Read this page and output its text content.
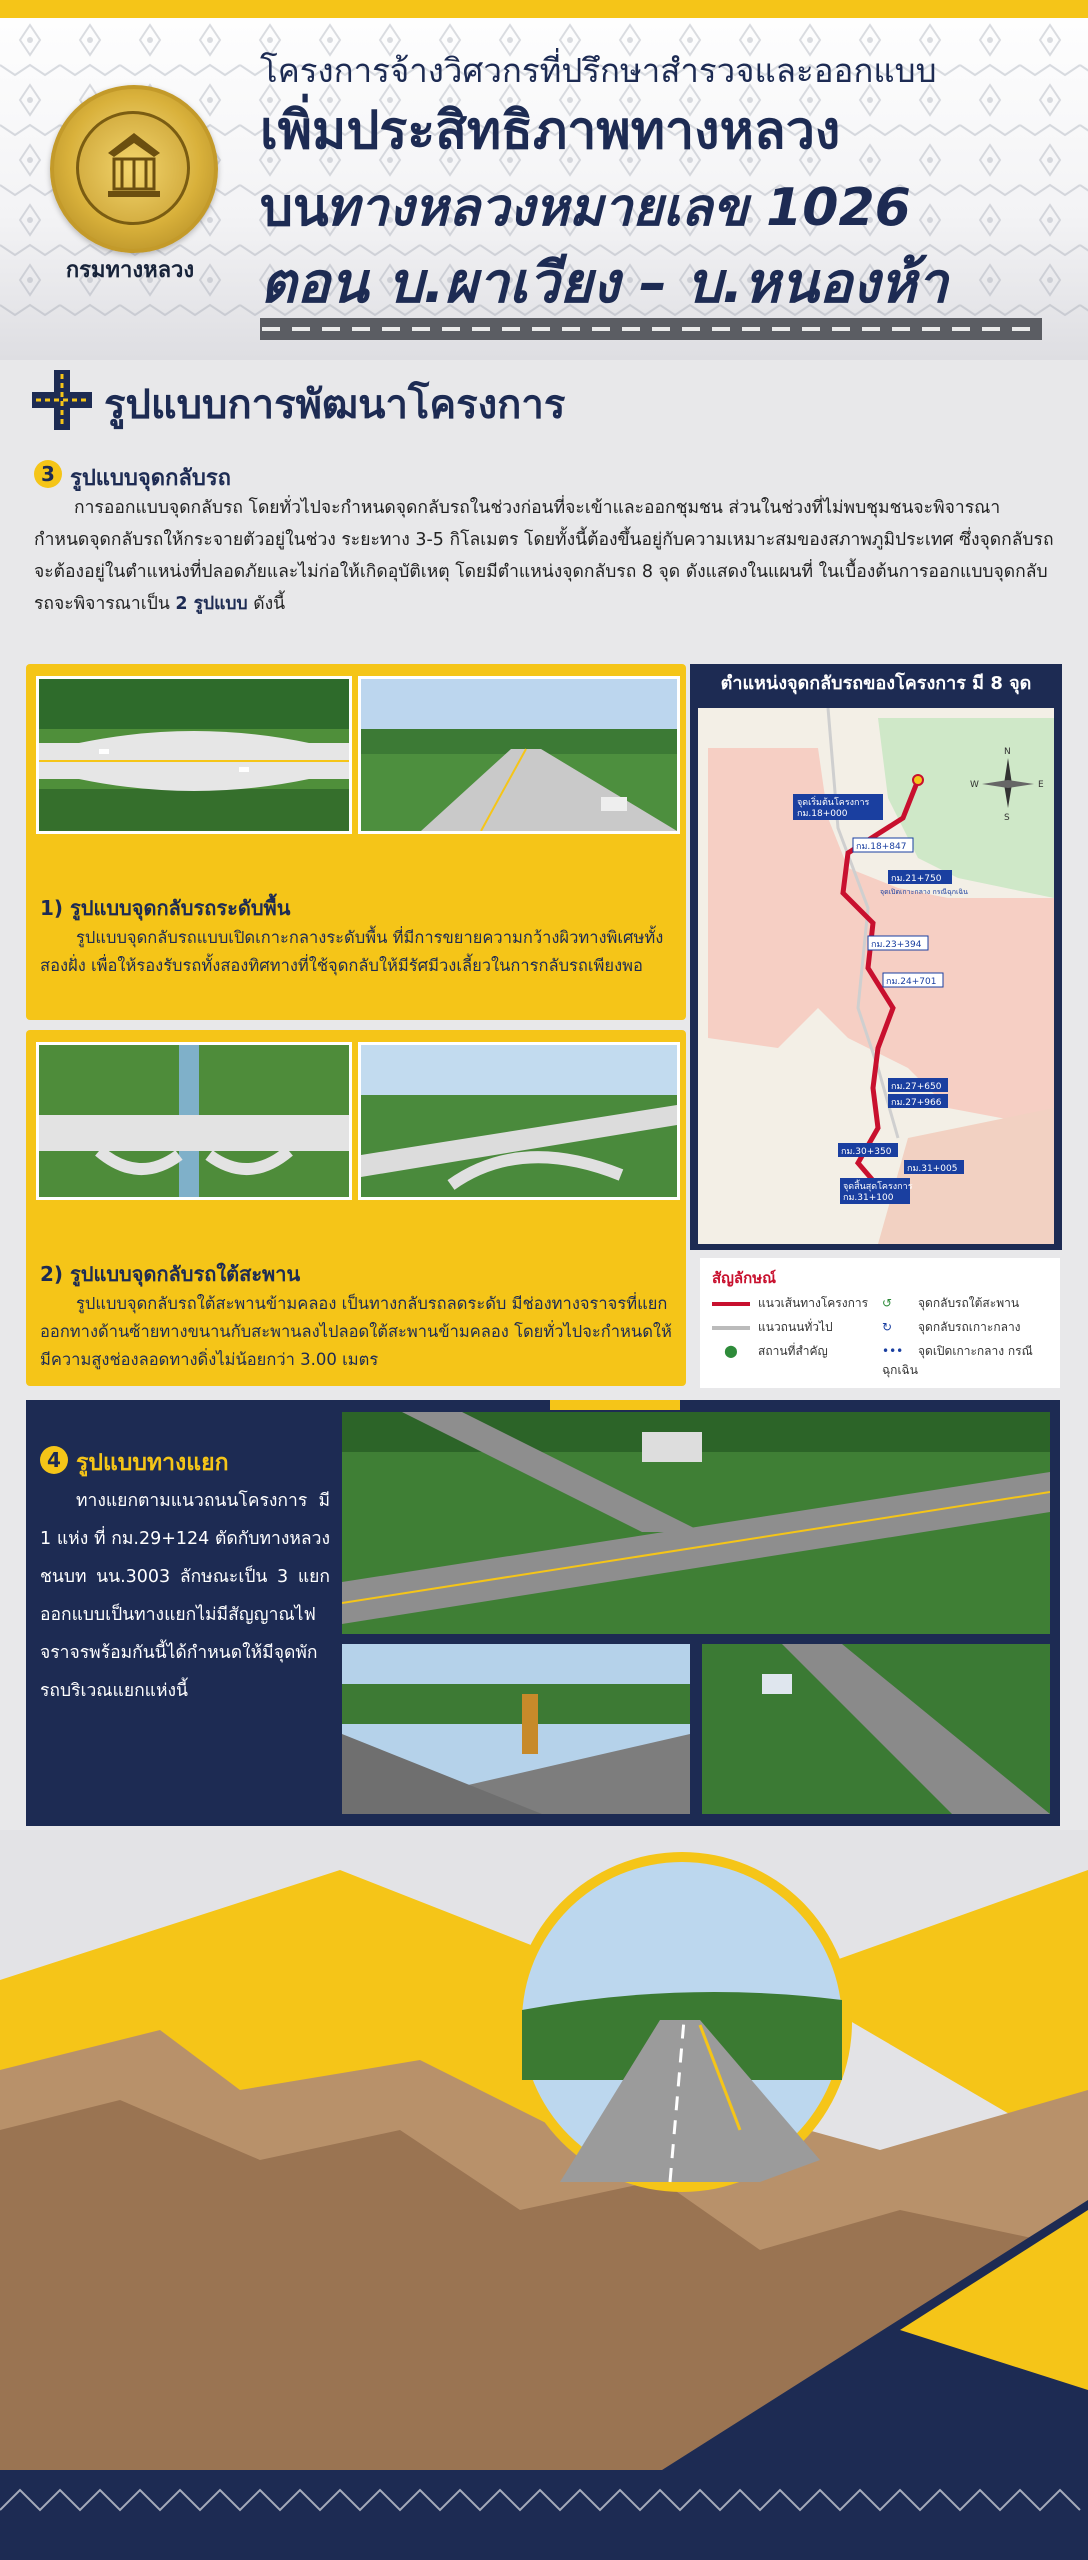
กรมทางหลวง
โครงการจ้างวิศวกรที่ปรึกษาสำรวจและออกแบบ
เพิ่มประสิทธิภาพทางหลวง
บน
ทางหลวงหมายเลข 1026
ตอน บ.ผาเวียง – บ.หนองห้า
รูปแบบการพัฒนาโครงการ
3 รูปแบบจุดกลับรถ
การออกแบบจุดกลับรถ โดยทั่วไปจะกำหนดจุดกลับรถในช่วงก่อนที่จะเข้าและออกชุมชน ส่วนในช่วงที่ไม่พบชุมชนจะพิจารณากำหนดจุดกลับรถให้กระจายตัวอยู่ในช่วง ระยะทาง 3-5 กิโลเมตร โดยทั้งนี้ต้องขึ้นอยู่กับความเหมาะสมของสภาพภูมิประเทศ ซึ่งจุดกลับรถจะต้องอยู่ในตำแหน่งที่ปลอดภัยและไม่ก่อให้เกิดอุบัติเหตุ โดยมีตำแหน่งจุดกลับรถ 8 จุด ดังแสดงในแผนที่ ในเบื้องต้นการออกแบบจุดกลับรถจะพิจารณาเป็น 2 รูปแบบ ดังนี้
1) รูปแบบจุดกลับรถระดับพื้น
รูปแบบจุดกลับรถแบบเปิดเกาะกลางระดับพื้น ที่มีการขยายความกว้างผิวทางพิเศษทั้งสองฝั่ง เพื่อให้รองรับรถทั้งสองทิศทางที่ใช้จุดกลับให้มีรัศมีวงเลี้ยวในการกลับรถเพียงพอ
2) รูปแบบจุดกลับรถใต้สะพาน
รูปแบบจุดกลับรถใต้สะพานข้ามคลอง เป็นทางกลับรถลดระดับ มีช่องทางจราจรที่แยกออกทางด้านซ้ายทางขนานกับสะพานลงไปลอดใต้สะพานข้ามคลอง โดยทั่วไปจะกำหนดให้มีความสูงช่องลอดทางดิ่งไม่น้อยกว่า 3.00 เมตร
ตำแหน่งจุดกลับรถของโครงการ มี 8 จุด
จุดเริ่มต้นโครงการ
กม.18+000
กม.18+847
กม.21+750
จุดเปิดเกาะกลาง กรณีฉุกเฉิน
กม.23+394
กม.24+701
กม.27+650
กม.27+966
กม.30+350
กม.31+005
จุดสิ้นสุดโครงการ
กม.31+100
N
S
E
W
สัญลักษณ์
แนวเส้นทางโครงการ
แนวถนนทั่วไป
⬤ สถานที่สำคัญ
↺ จุดกลับรถใต้สะพาน
↻ จุดกลับรถเกาะกลาง
••• จุดเปิดเกาะกลาง กรณีฉุกเฉิน
4 รูปแบบทางแยก
ทางแยกตามแนวถนนโครงการ มี 1 แห่ง ที่ กม.29+124 ตัดกับทางหลวงชนบท นน.3003 ลักษณะเป็น 3 แยก ออกแบบเป็นทางแยกไม่มีสัญญาณไฟจราจรพร้อมกันนี้ได้กำหนดให้มีจุดพักรถบริเวณแยกแห่งนี้
